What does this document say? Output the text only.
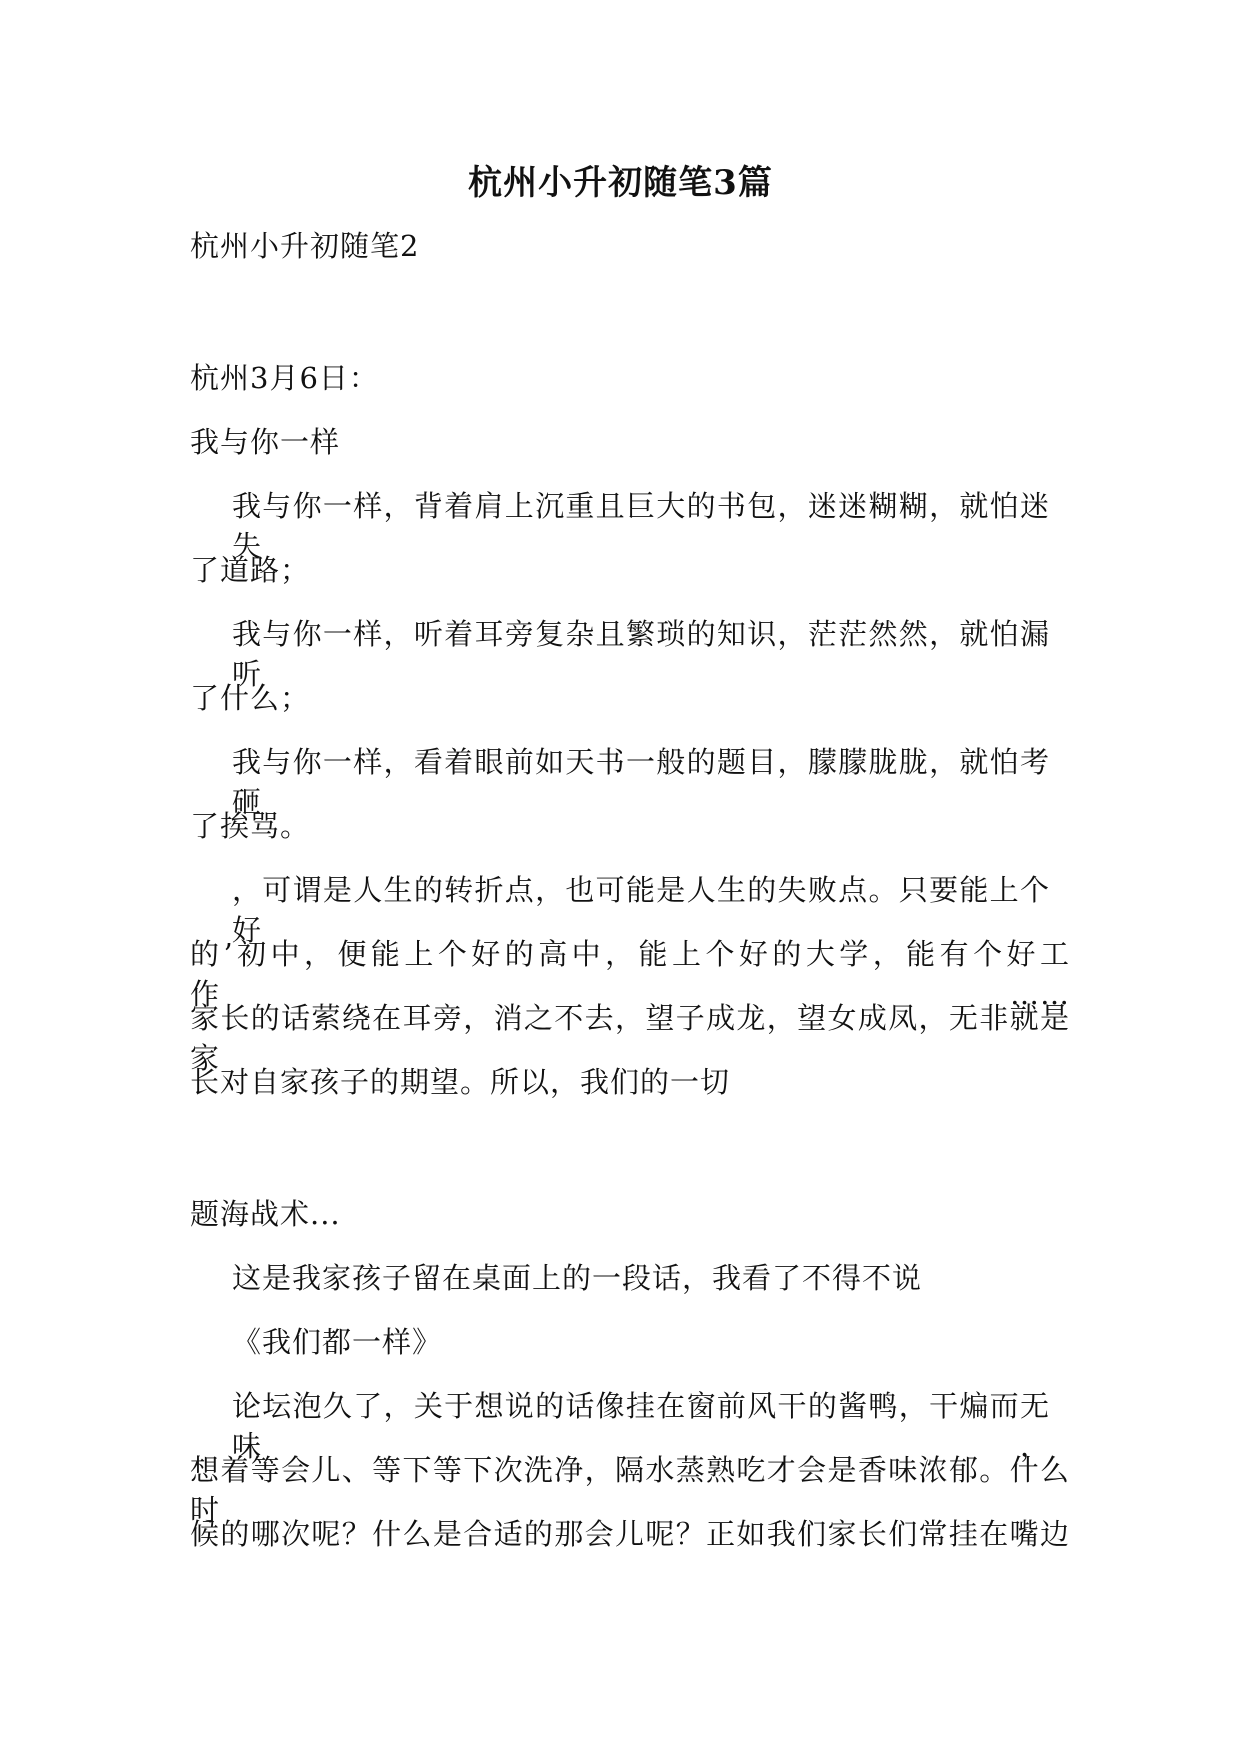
杭州小升初随笔3篇
杭州小升初随笔2
杭州3月6日：
我与你一样
我与你一样，背着肩上沉重且巨大的书包，迷迷糊糊，就怕迷失
了道路；
我与你一样，听着耳旁复杂且繁琐的知识，茫茫然然，就怕漏听
了什么；
我与你一样，看着眼前如天书一般的题目，朦朦胧胧，就怕考砸
了挨骂。
，可谓是人生的转折点，也可能是人生的失败点。只要能上个好
的’初中，便能上个好的高中，能上个好的大学，能有个好工作……
家长的话萦绕在耳旁，消之不去，望子成龙，望女成凤，无非就是家
长对自家孩子的期望。所以，我们的一切
题海战术...
这是我家孩子留在桌面上的一段话，我看了不得不说
《我们都一样》
论坛泡久了，关于想说的话像挂在窗前风干的酱鸭，干煸而无味，
想着等会儿、等下等下次洗净，隔水蒸熟吃才会是香味浓郁。什么时
候的哪次呢？什么是合适的那会儿呢？正如我们家长们常挂在嘴边
